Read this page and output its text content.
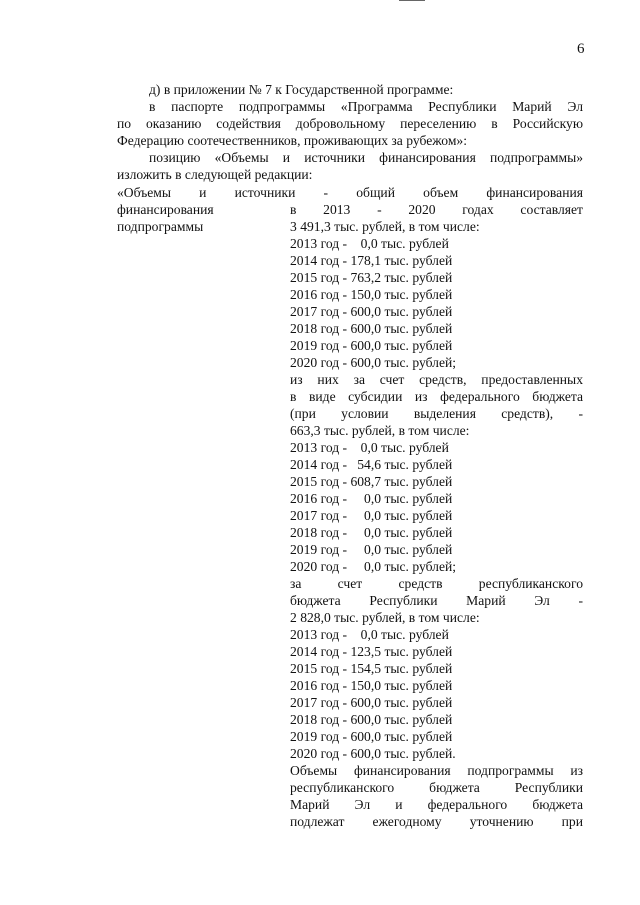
6

д) в приложении № 7 к Государственной программе:

в паспорте подпрограммы «Программа Республики Марий Эл

по оказанию содействия добровольному переселению в Российскую

Федерацию соотечественников, проживающих за рубежом»:

позицию «Объемы и источники финансирования подпрограммы»

изложить в следующей редакции:

«Объемы и источники - общий объем финансирования
финансирования
подпрограммы
в 2013 - 2020 годах составляет
3 491,3 тыс. рублей, в том числе:
2013 год -    0,0 тыс. рублей
2014 год - 178,1 тыс. рублей
2015 год - 763,2 тыс. рублей
2016 год - 150,0 тыс. рублей
2017 год - 600,0 тыс. рублей
2018 год - 600,0 тыс. рублей
2019 год - 600,0 тыс. рублей
2020 год - 600,0 тыс. рублей;
из них за счет средств, предоставленных
в виде субсидии из федерального бюджета
(при условии выделения средств), -
663,3 тыс. рублей, в том числе:
2013 год -    0,0 тыс. рублей
2014 год -   54,6 тыс. рублей
2015 год - 608,7 тыс. рублей
2016 год -     0,0 тыс. рублей
2017 год -     0,0 тыс. рублей
2018 год -     0,0 тыс. рублей
2019 год -     0,0 тыс. рублей
2020 год -     0,0 тыс. рублей;
за счет средств республиканского
бюджета Республики Марий Эл -
2 828,0 тыс. рублей, в том числе:
2013 год -    0,0 тыс. рублей
2014 год - 123,5 тыс. рублей
2015 год - 154,5 тыс. рублей
2016 год - 150,0 тыс. рублей
2017 год - 600,0 тыс. рублей
2018 год - 600,0 тыс. рублей
2019 год - 600,0 тыс. рублей
2020 год - 600,0 тыс. рублей.
Объемы финансирования подпрограммы из
республиканского бюджета Республики
Марий Эл и федерального бюджета
подлежат ежегодному уточнению при
